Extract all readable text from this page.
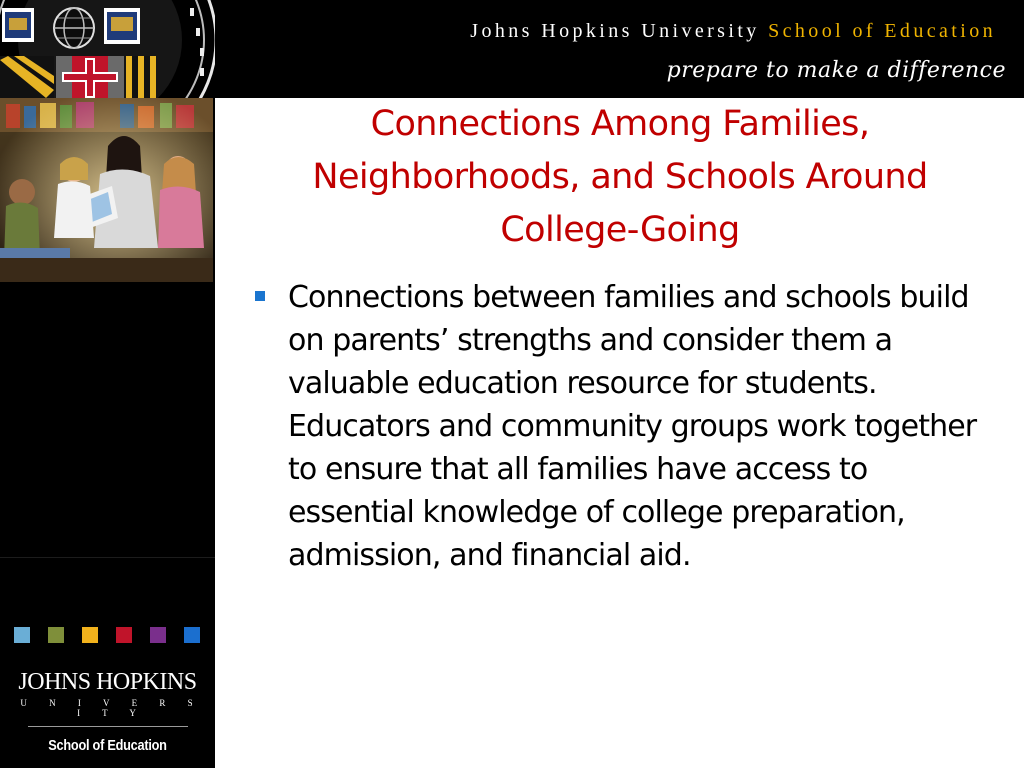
Johns Hopkins University School of Education
prepare to make a difference
JOHNS HOPKINS
U N I V E R S I T Y
School of Education
Connections Among Families, Neighborhoods, and Schools Around College-Going
Connections between families and schools build on parents’ strengths and consider them a valuable education resource for students. Educators and community groups work together to ensure that all families have access to essential knowledge of college preparation, admission, and financial aid.
